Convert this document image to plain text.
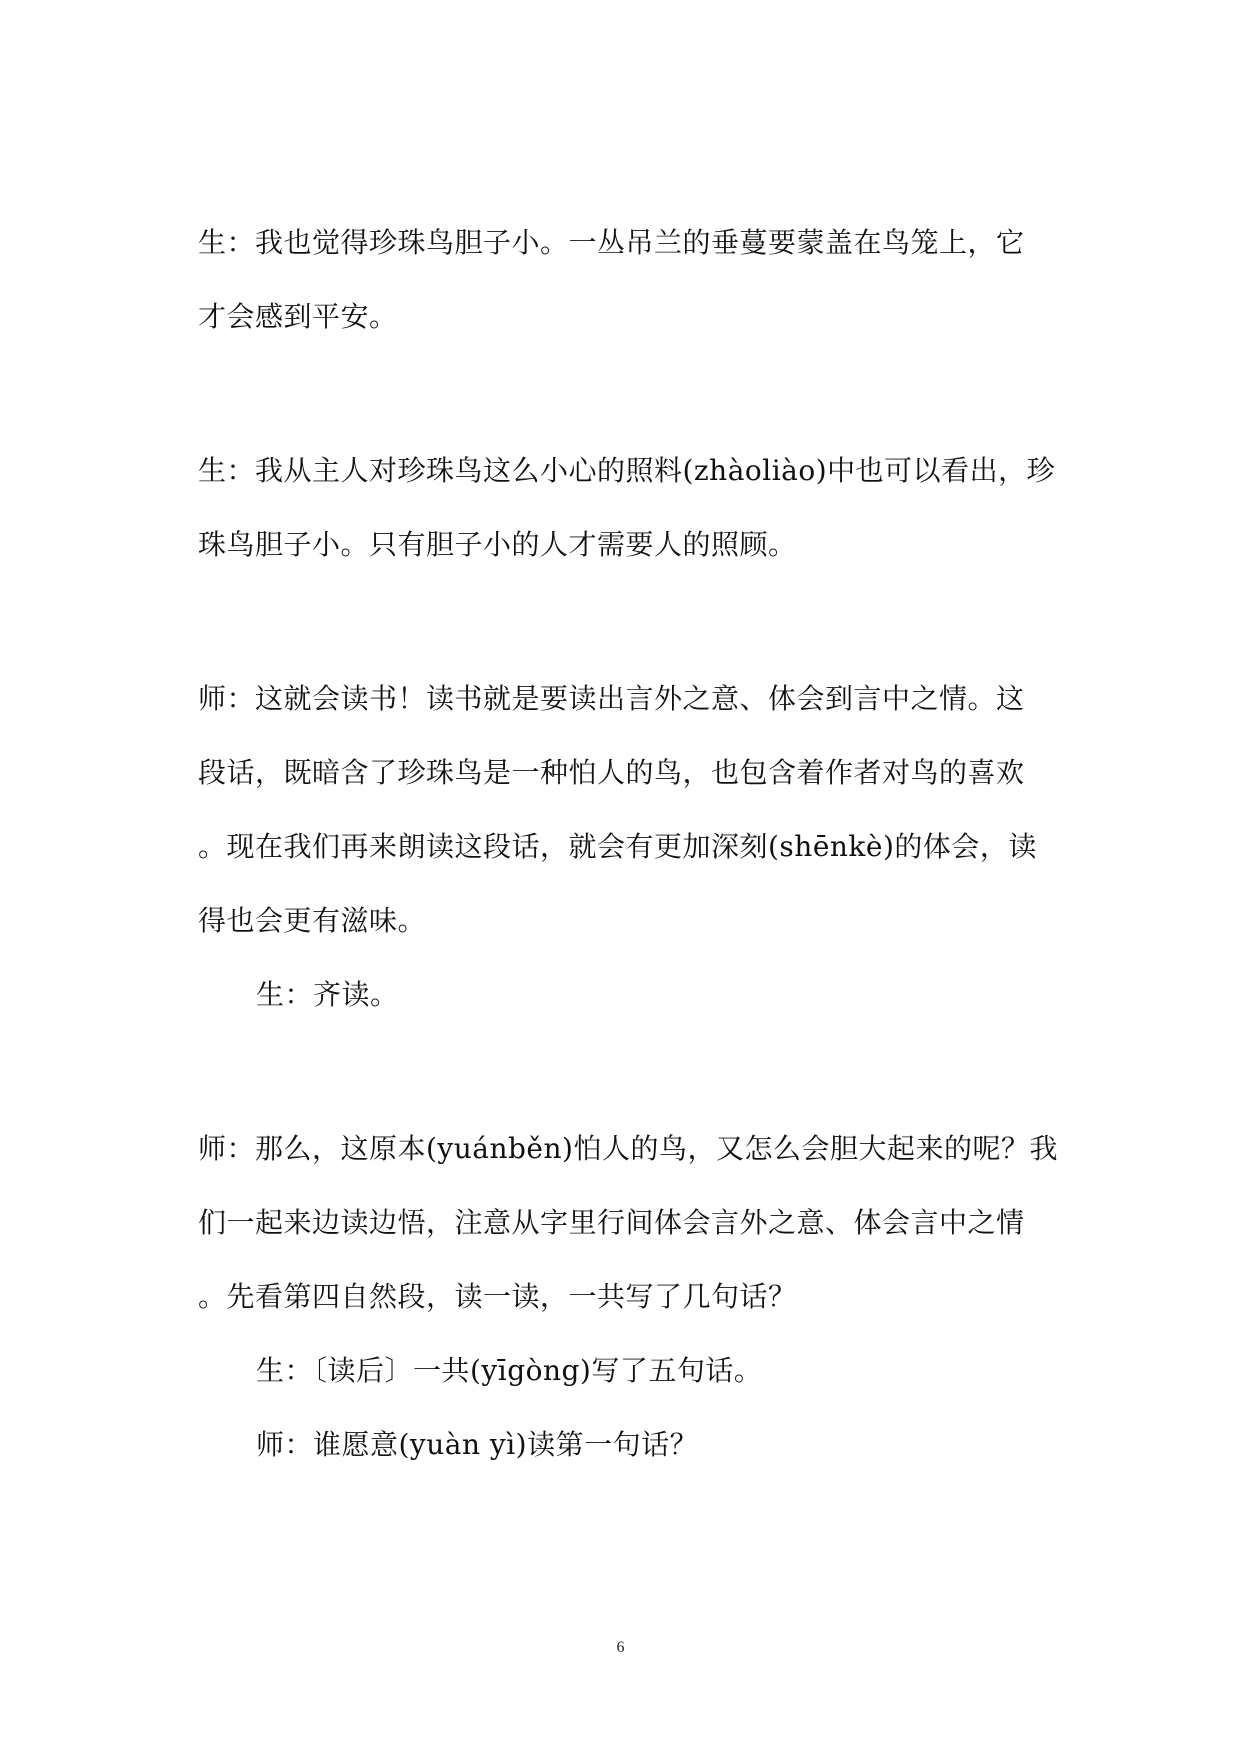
生：我也觉得珍珠鸟胆子小。一丛吊兰的垂蔓要蒙盖在鸟笼上，它
才会感到平安。
生：我从主人对珍珠鸟这么小心的照料(zhàoliào)中也可以看出，珍
珠鸟胆子小。只有胆子小的人才需要人的照顾。
师：这就会读书！读书就是要读出言外之意、体会到言中之情。这
段话，既暗含了珍珠鸟是一种怕人的鸟，也包含着作者对鸟的喜欢
。现在我们再来朗读这段话，就会有更加深刻(shēnkè)的体会，读
得也会更有滋味。
生：齐读。
师：那么，这原本(yuánběn)怕人的鸟，又怎么会胆大起来的呢？我
们一起来边读边悟，注意从字里行间体会言外之意、体会言中之情
。先看第四自然段，读一读，一共写了几句话？
生：〔读后〕一共(yīgòng)写了五句话。
师：谁愿意(yuàn yì)读第一句话？
6
